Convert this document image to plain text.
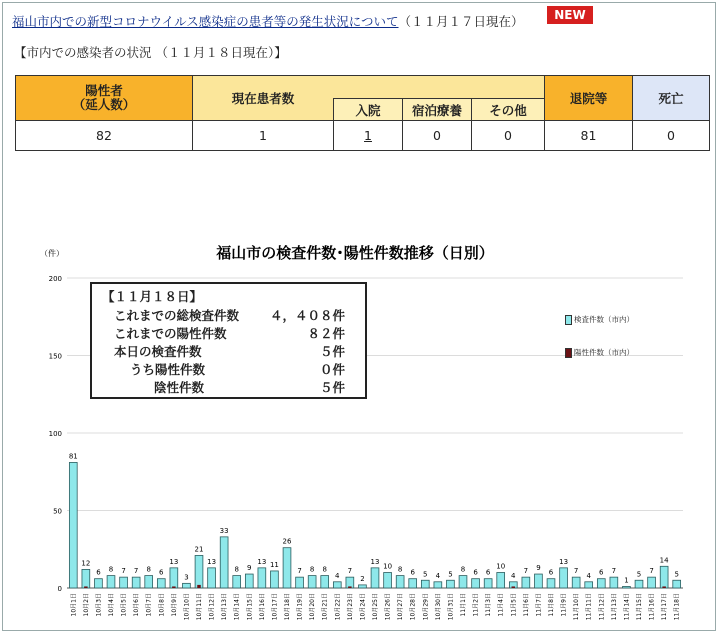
福山市内での新型コロナウイルス感染症の患者等の発生状況について（１１月１７日現在）	NEW
【市内での感染者の状況 （１１月１８日現在）】
陽性者
（延人数）	現在患者数				退院等	死亡
		入院	宿泊療養	その他		
82	1	1	0	0	81	0
福山市の検査件数･陽性件数推移（日別）
（件）
0
50
100
150
200
81
10月1日
12
10月2日
6
10月3日
8
10月4日
7
10月5日
7
10月6日
8
10月7日
6
10月8日
13
10月9日
3
10月10日
21
10月11日
13
10月12日
33
10月13日
8
10月14日
9
10月15日
13
10月16日
11
10月17日
26
10月18日
7
10月19日
8
10月20日
8
10月21日
4
10月22日
7
10月23日
2
10月24日
13
10月25日
10
10月26日
8
10月27日
6
10月28日
5
10月29日
4
10月30日
5
10月31日
8
11月1日
6
11月2日
6
11月3日
10
11月4日
4
11月5日
7
11月6日
9
11月7日
6
11月8日
13
11月9日
7
11月10日
4
11月11日
6
11月12日
7
11月13日
1
11月14日
5
11月15日
7
11月16日
14
11月17日
5
11月18日
【１１月１８日】
これまでの総検査件数 ４，４０８件
これまでの陽性件数	８２件
本日の検査件数	５件
うち陽性件数	０件
陰性件数	５件
検査件数（市内）
陽性件数（市内）
